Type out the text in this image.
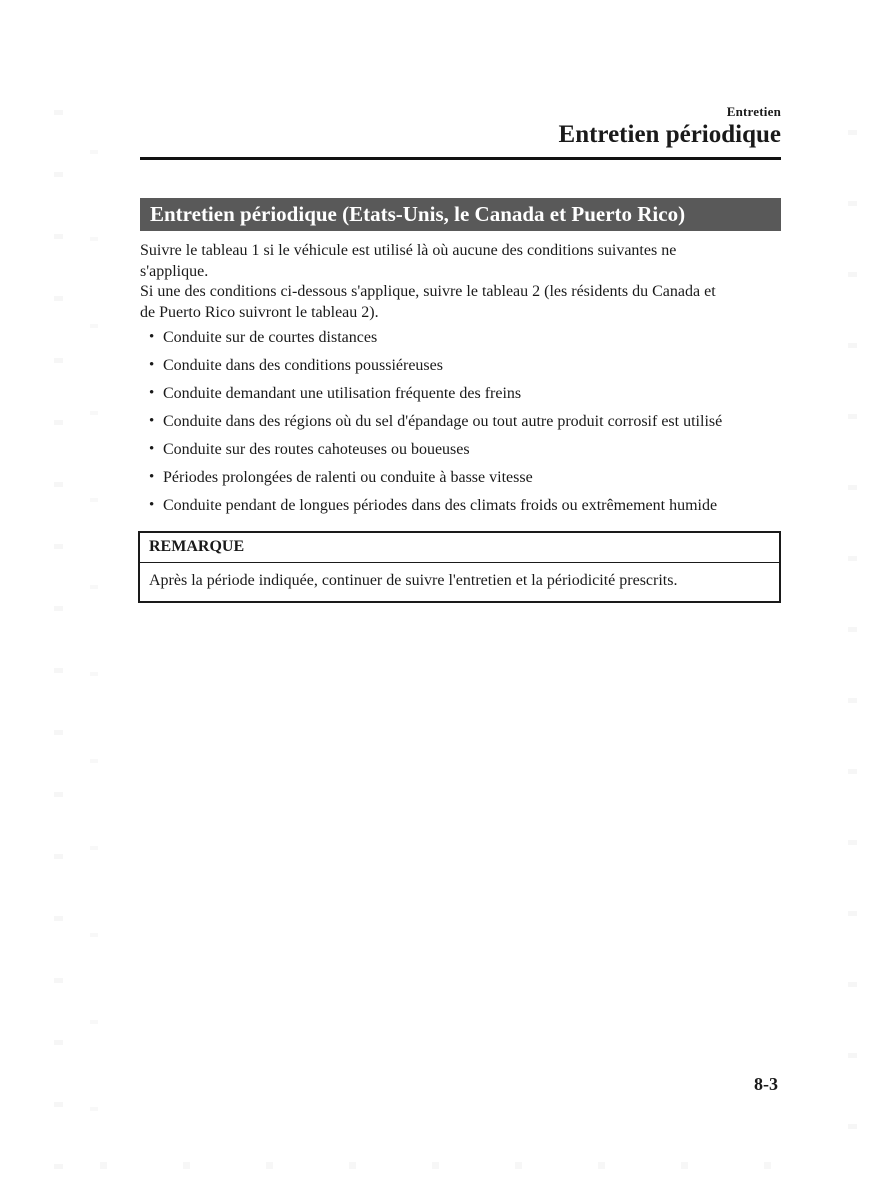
Entretien
Entretien périodique
Entretien périodique (Etats-Unis, le Canada et Puerto Rico)

Suivre le tableau 1 si le véhicule est utilisé là où aucune des conditions suivantes ne
s'applique.

Si une des conditions ci-dessous s'applique, suivre le tableau 2 (les résidents du Canada et
de Puerto Rico suivront le tableau 2).

• Conduite sur de courtes distances
• Conduite dans des conditions poussiéreuses
• Conduite demandant une utilisation fréquente des freins
• Conduite dans des régions où du sel d'épandage ou tout autre produit corrosif est utilisé
• Conduite sur des routes cahoteuses ou boueuses
• Périodes prolongées de ralenti ou conduite à basse vitesse
• Conduite pendant de longues périodes dans des climats froids ou extrêmement humide
REMARQUE
Après la période indiquée, continuer de suivre l'entretien et la périodicité prescrits.
8-3
